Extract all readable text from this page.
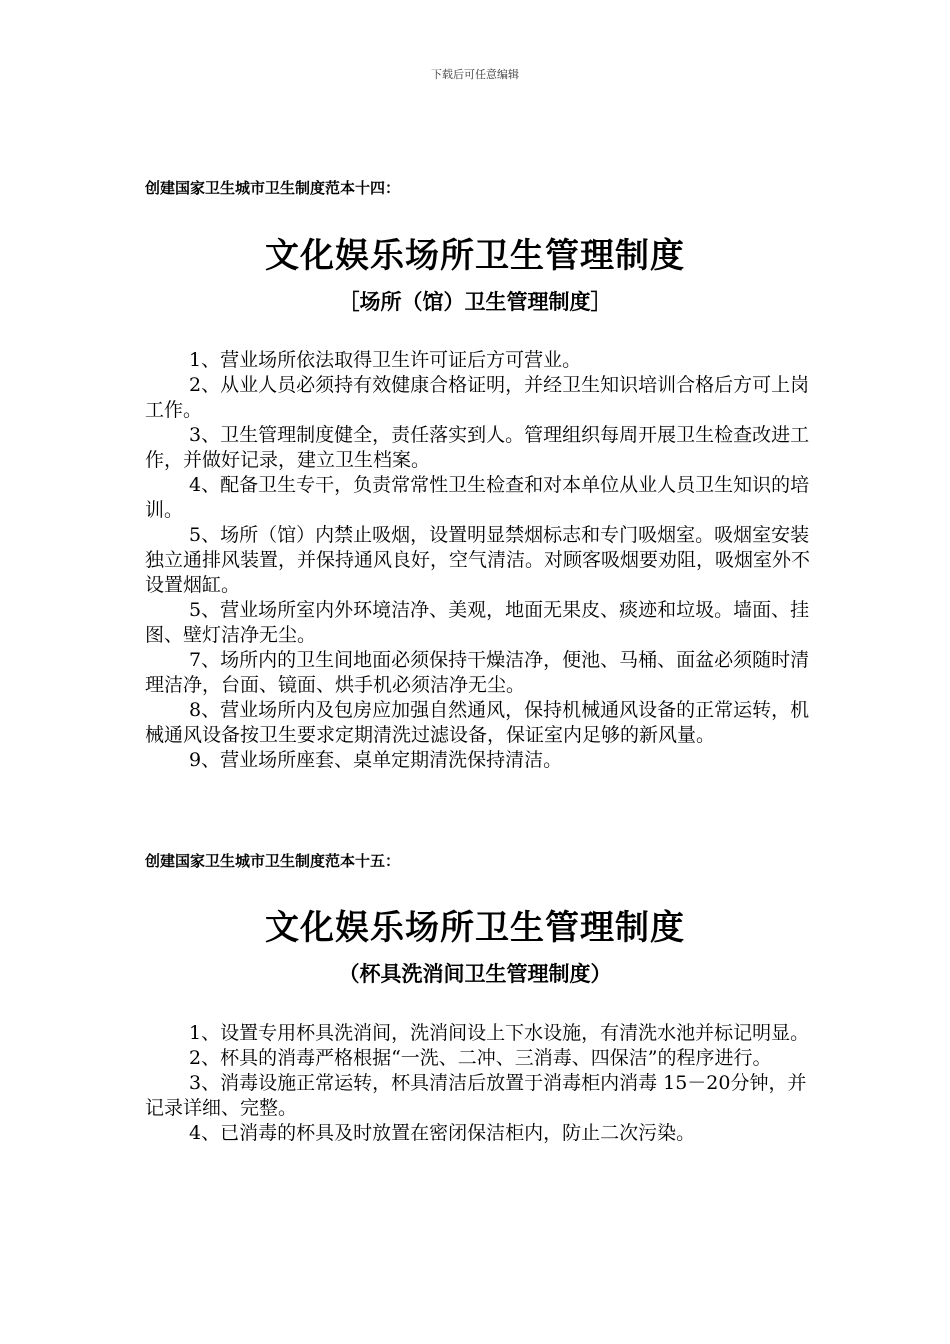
下载后可任意编辑
创建国家卫生城市卫生制度范本十四：
文化娱乐场所卫生管理制度
［场所（馆）卫生管理制度］

1、营业场所依法取得卫生许可证后方可营业。

2、从业人员必须持有效健康合格证明，并经卫生知识培训合格后方可上岗工作。

3、卫生管理制度健全，责任落实到人。管理组织每周开展卫生检查改进工作，并做好记录，建立卫生档案。

4、配备卫生专干，负责常常性卫生检查和对本单位从业人员卫生知识的培训。

5、场所（馆）内禁止吸烟，设置明显禁烟标志和专门吸烟室。吸烟室安装独立通排风装置，并保持通风良好，空气清洁。对顾客吸烟要劝阻，吸烟室外不设置烟缸。

5、营业场所室内外环境洁净、美观，地面无果皮、痰迹和垃圾。墙面、挂图、壁灯洁净无尘。

7、场所内的卫生间地面必须保持干燥洁净，便池、马桶、面盆必须随时清理洁净，台面、镜面、烘手机必须洁净无尘。

8、营业场所内及包房应加强自然通风，保持机械通风设备的正常运转，机械通风设备按卫生要求定期清洗过滤设备，保证室内足够的新风量。

9、营业场所座套、桌单定期清洗保持清洁。

创建国家卫生城市卫生制度范本十五：
文化娱乐场所卫生管理制度
（杯具洗消间卫生管理制度）

1、设置专用杯具洗消间，洗消间设上下水设施，有清洗水池并标记明显。

2、杯具的消毒严格根据“一洗、二冲、三消毒、四保洁”的程序进行。

3、消毒设施正常运转，杯具清洁后放置于消毒柜内消毒 15－20分钟，并记录详细、完整。

4、已消毒的杯具及时放置在密闭保洁柜内，防止二次污染。
